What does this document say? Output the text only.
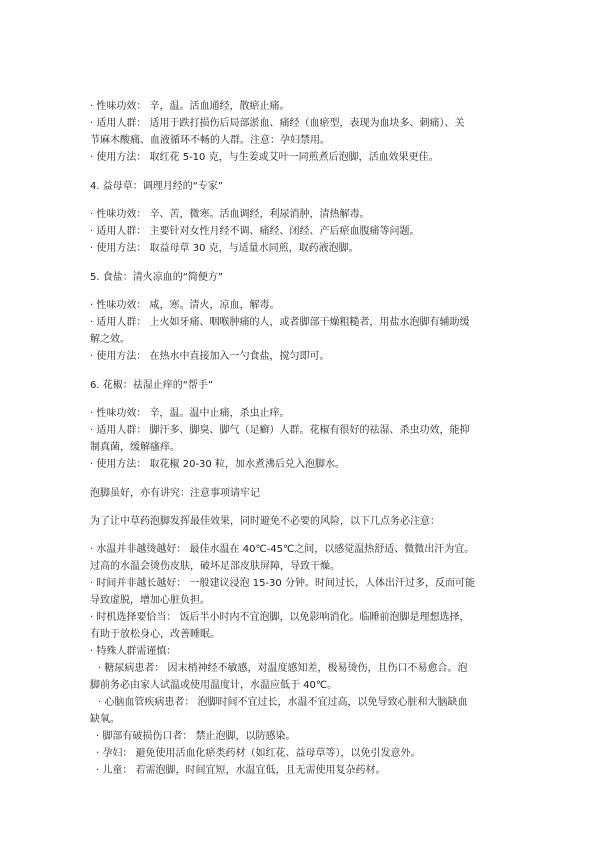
· 性味功效： 辛，温。活血通经，散瘀止痛。

· 适用人群： 适用于跌打损伤后局部淤血、痛经（血瘀型，表现为血块多、刺痛）、关

节麻木酸痛、血液循环不畅的人群。注意：孕妇禁用。

· 使用方法： 取红花 5-10 克，与生姜或艾叶一同煎煮后泡脚，活血效果更佳。

4. 益母草：调理月经的“专家”

· 性味功效： 辛、苦，微寒。活血调经，利尿消肿，清热解毒。

· 适用人群： 主要针对女性月经不调、痛经、闭经、产后瘀血腹痛等问题。

· 使用方法： 取益母草 30 克，与适量水同煎，取药液泡脚。

5. 食盐：清火凉血的“简便方”

· 性味功效： 咸，寒。清火，凉血，解毒。

· 适用人群： 上火如牙痛、咽喉肿痛的人，或者脚部干燥粗糙者，用盐水泡脚有辅助缓

解之效。

· 使用方法： 在热水中直接加入一勺食盐，搅匀即可。

6. 花椒：祛湿止痒的“帮手”

· 性味功效： 辛，温。温中止痛，杀虫止痒。

· 适用人群： 脚汗多、脚臭、脚气（足癣）人群。花椒有很好的祛湿、杀虫功效，能抑

制真菌，缓解瘙痒。

· 使用方法： 取花椒 20-30 粒，加水煮沸后兑入泡脚水。

泡脚虽好，亦有讲究：注意事项请牢记

为了让中草药泡脚发挥最佳效果，同时避免不必要的风险，以下几点务必注意：

· 水温并非越烫越好： 最佳水温在 40℃-45℃之间，以感觉温热舒适、微微出汗为宜。

过高的水温会烫伤皮肤，破坏足部皮肤屏障，导致干燥。

· 时间并非越长越好： 一般建议浸泡 15-30 分钟。时间过长，人体出汗过多，反而可能

导致虚脱，增加心脏负担。

· 时机选择要恰当： 饭后半小时内不宜泡脚，以免影响消化。临睡前泡脚是理想选择，

有助于放松身心，改善睡眠。

· 特殊人群需谨慎：

· 糖尿病患者： 因末梢神经不敏感，对温度感知差，极易烫伤，且伤口不易愈合。泡

脚前务必由家人试温或使用温度计，水温应低于 40℃。

· 心脑血管疾病患者： 泡脚时间不宜过长，水温不宜过高，以免导致心脏和大脑缺血

缺氧。

· 脚部有破损伤口者： 禁止泡脚，以防感染。

· 孕妇： 避免使用活血化瘀类药材（如红花、益母草等），以免引发意外。

· 儿童： 若需泡脚，时间宜短，水温宜低，且无需使用复杂药材。
